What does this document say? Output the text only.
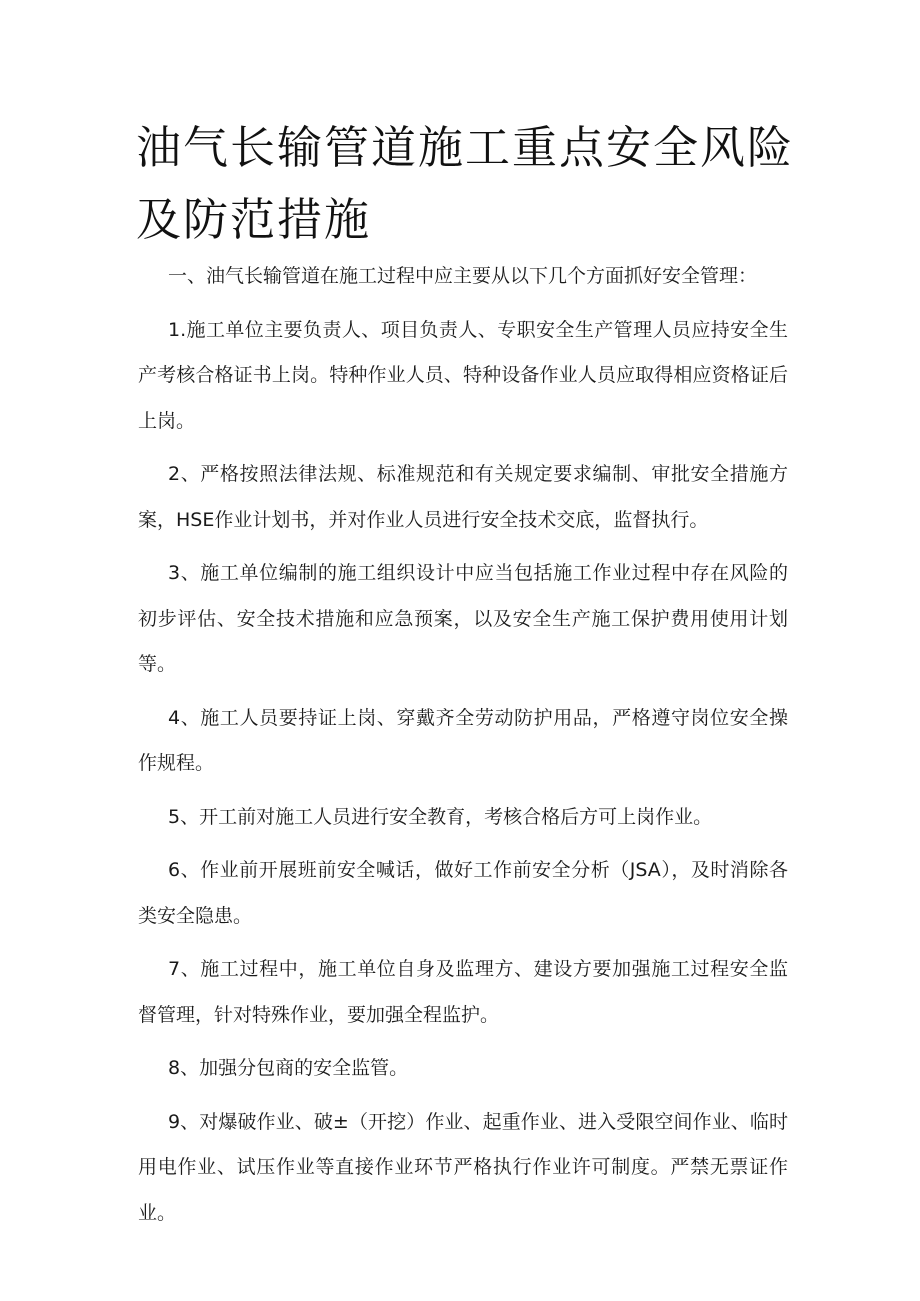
油气长输管道施工重点安全风险及防范措施

一、油气长输管道在施工过程中应主要从以下几个方面抓好安全管理：

1.施工单位主要负责人、项目负责人、专职安全生产管理人员应持安全生产考核合格证书上岗。特种作业人员、特种设备作业人员应取得相应资格证后上岗。

2、严格按照法律法规、标准规范和有关规定要求编制、审批安全措施方案，HSE作业计划书，并对作业人员进行安全技术交底，监督执行。

3、施工单位编制的施工组织设计中应当包括施工作业过程中存在风险的初步评估、安全技术措施和应急预案，以及安全生产施工保护费用使用计划等。

4、施工人员要持证上岗、穿戴齐全劳动防护用品，严格遵守岗位安全操作规程。

5、开工前对施工人员进行安全教育，考核合格后方可上岗作业。

6、作业前开展班前安全喊话，做好工作前安全分析（JSA），及时消除各类安全隐患。

7、施工过程中，施工单位自身及监理方、建设方要加强施工过程安全监督管理，针对特殊作业，要加强全程监护。

8、加强分包商的安全监管。

9、对爆破作业、破±（开挖）作业、起重作业、进入受限空间作业、临时用电作业、试压作业等直接作业环节严格执行作业许可制度。严禁无票证作业。
